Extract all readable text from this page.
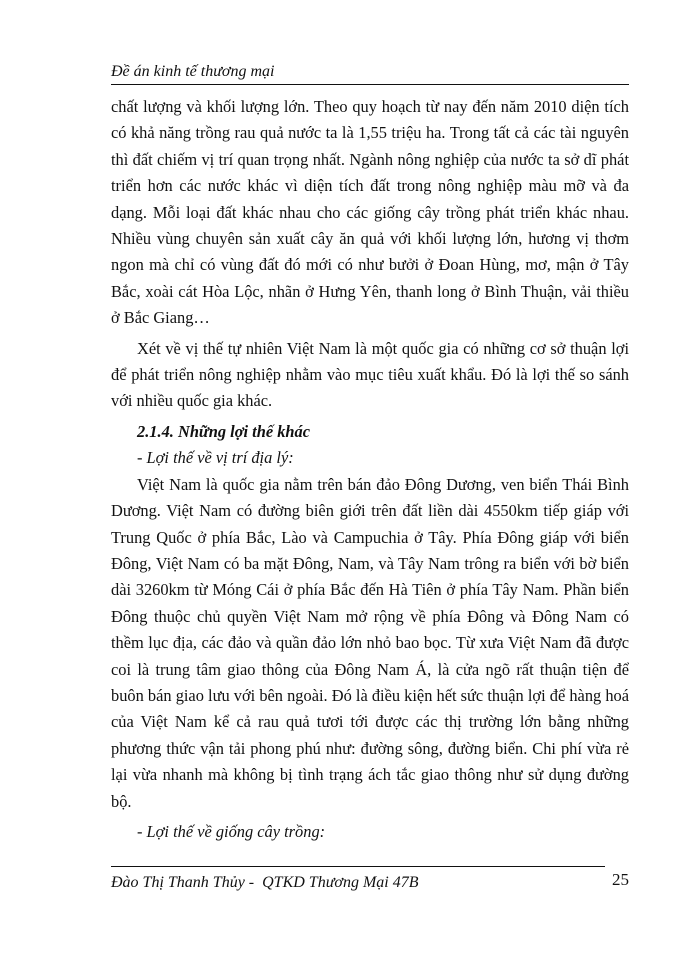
Đề án kinh tế thương mại

chất lượng và khối lượng lớn. Theo quy hoạch từ nay đến năm 2010 diện tích có khả năng trồng rau quả nước ta là 1,55 triệu ha. Trong tất cả các tài nguyên thì đất chiếm vị trí quan trọng nhất. Ngành nông nghiệp của nước ta sở dĩ phát triển hơn các nước khác vì diện tích đất trong nông nghiệp màu mỡ và đa dạng. Mỗi loại đất khác nhau cho các giống cây trồng phát triển khác nhau. Nhiều vùng chuyên sản xuất cây ăn quả với khối lượng lớn, hương vị thơm ngon mà chỉ có vùng đất đó mới có như bưởi ở Đoan Hùng, mơ, mận ở Tây Bắc, xoài cát Hòa Lộc, nhãn ở Hưng Yên, thanh long ở Bình Thuận, vải thiều ở Bắc Giang…

Xét về vị thế tự nhiên Việt Nam là một quốc gia có những cơ sở thuận lợi để phát triển nông nghiệp nhằm vào mục tiêu xuất khẩu. Đó là lợi thế so sánh với nhiều quốc gia khác.

2.1.4. Những lợi thế khác

- Lợi thế về vị trí địa lý:

Việt Nam là quốc gia nằm trên bán đảo Đông Dương, ven biển Thái Bình Dương. Việt Nam có đường biên giới trên đất liền dài 4550km tiếp giáp với Trung Quốc ở phía Bắc, Lào và Campuchia ở Tây. Phía Đông giáp với biển Đông, Việt Nam có ba mặt Đông, Nam, và Tây Nam trông ra biển với bờ biển dài 3260km từ Móng Cái ở phía Bắc đến Hà Tiên ở phía Tây Nam. Phần biển Đông thuộc chủ quyền Việt Nam mở rộng về phía Đông và Đông Nam có thềm lục địa, các đảo và quần đảo lớn nhỏ bao bọc. Từ xưa Việt Nam đã được coi là trung tâm giao thông của Đông Nam Á, là cửa ngõ rất thuận tiện để buôn bán giao lưu với bên ngoài. Đó là điều kiện hết sức thuận lợi để hàng hoá của Việt Nam kể cả rau quả tươi tới được các thị trường lớn bằng những phương thức vận tải phong phú như: đường sông, đường biển. Chi phí vừa rẻ lại vừa nhanh mà không bị tình trạng ách tắc giao thông như sử dụng đường bộ.

- Lợi thế về giống cây trồng:

Đào Thị Thanh Thủy -  QTKD Thương Mại 47B	25
